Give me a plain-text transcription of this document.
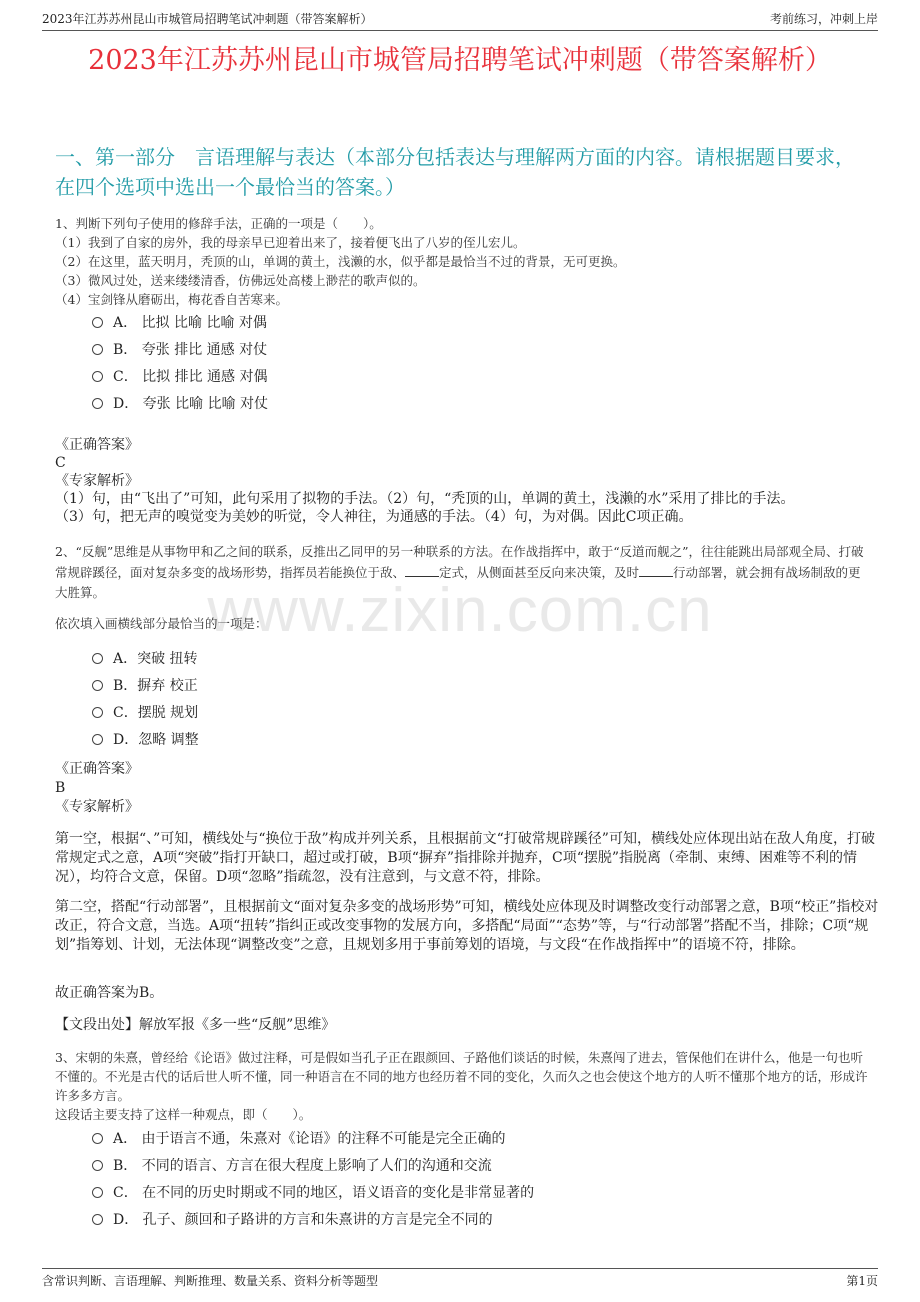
2023年江苏苏州昆山市城管局招聘笔试冲刺题（带答案解析）	考前练习，冲刺上岸
2023年江苏苏州昆山市城管局招聘笔试冲刺题（带答案解析）
一、第一部分　言语理解与表达（本部分包括表达与理解两方面的内容。请根据题目要求，在四个选项中选出一个最恰当的答案。）
www.zixin.com.cn

1、判断下列句子使用的修辞手法，正确的一项是（　　）。

（1）我到了自家的房外，我的母亲早已迎着出来了，接着便飞出了八岁的侄儿宏儿。

（2）在这里，蓝天明月，秃顶的山，单调的黄土，浅濑的水，似乎都是最恰当不过的背景，无可更换。

（3）微风过处，送来缕缕清香，仿佛远处高楼上渺茫的歌声似的。

（4）宝剑锋从磨砺出，梅花香自苦寒来。

A． 比拟 比喻 比喻 对偶
B． 夸张 排比 通感 对仗
C． 比拟 排比 通感 对偶
D． 夸张 比喻 比喻 对仗

《正确答案》

C

《专家解析》

（1）句，由“飞出了”可知，此句采用了拟物的手法。（2）句，“秃顶的山，单调的黄土，浅濑的水”采用了排比的手法。

（3）句，把无声的嗅觉变为美妙的听觉，令人神往，为通感的手法。（4）句，为对偶。因此C项正确。

2、“反舰”思维是从事物甲和乙之间的联系，反推出乙同甲的另一种联系的方法。在作战指挥中，敢于“反道而舰之”，往往能跳出局部观全局、打破常规辟蹊径，面对复杂多变的战场形势，指挥员若能换位于敌、	定式，从侧面甚至反向来决策，及时	行动部署，就会拥有战场制敌的更大胜算。

依次填入画横线部分最恰当的一项是：
A．突破 扭转
B．摒弃 校正
C．摆脱 规划
D．忽略 调整

《正确答案》

B

《专家解析》

第一空，根据“、”可知，横线处与“换位于敌”构成并列关系，且根据前文“打破常规辟蹊径”可知，横线处应体现出站在敌人角度，打破常规定式之意，A项“突破”指打开缺口，超过或打破，B项“摒弃”指排除并抛弃，C项“摆脱”指脱离（牵制、束缚、困难等不利的情况），均符合文意，保留。D项“忽略”指疏忽，没有注意到，与文意不符，排除。
第二空，搭配“行动部署”，且根据前文“面对复杂多变的战场形势”可知，横线处应体现及时调整改变行动部署之意，B项“校正”指校对改正，符合文意，当选。A项“扭转”指纠正或改变事物的发展方向，多搭配“局面”“态势”等，与“行动部署”搭配不当，排除；C项“规划”指筹划、计划，无法体现“调整改变”之意，且规划多用于事前筹划的语境，与文段“在作战指挥中”的语境不符，排除。
故正确答案为B。
【文段出处】解放军报《多一些“反舰”思维》

3、宋朝的朱熹，曾经给《论语》做过注释，可是假如当孔子正在跟颜回、子路他们谈话的时候，朱熹闯了进去，管保他们在讲什么，他是一句也听不懂的。不光是古代的话后世人听不懂，同一种语言在不同的地方也经历着不同的变化，久而久之也会使这个地方的人听不懂那个地方的话，形成许许多多方言。

这段话主要支持了这样一种观点，即（　　）。

A． 由于语言不通，朱熹对《论语》的注释不可能是完全正确的
B． 不同的语言、方言在很大程度上影响了人们的沟通和交流
C． 在不同的历史时期或不同的地区，语义语音的变化是非常显著的
D． 孔子、颜回和子路讲的方言和朱熹讲的方言是完全不同的
含常识判断、言语理解、判断推理、数量关系、资料分析等题型	第1页
